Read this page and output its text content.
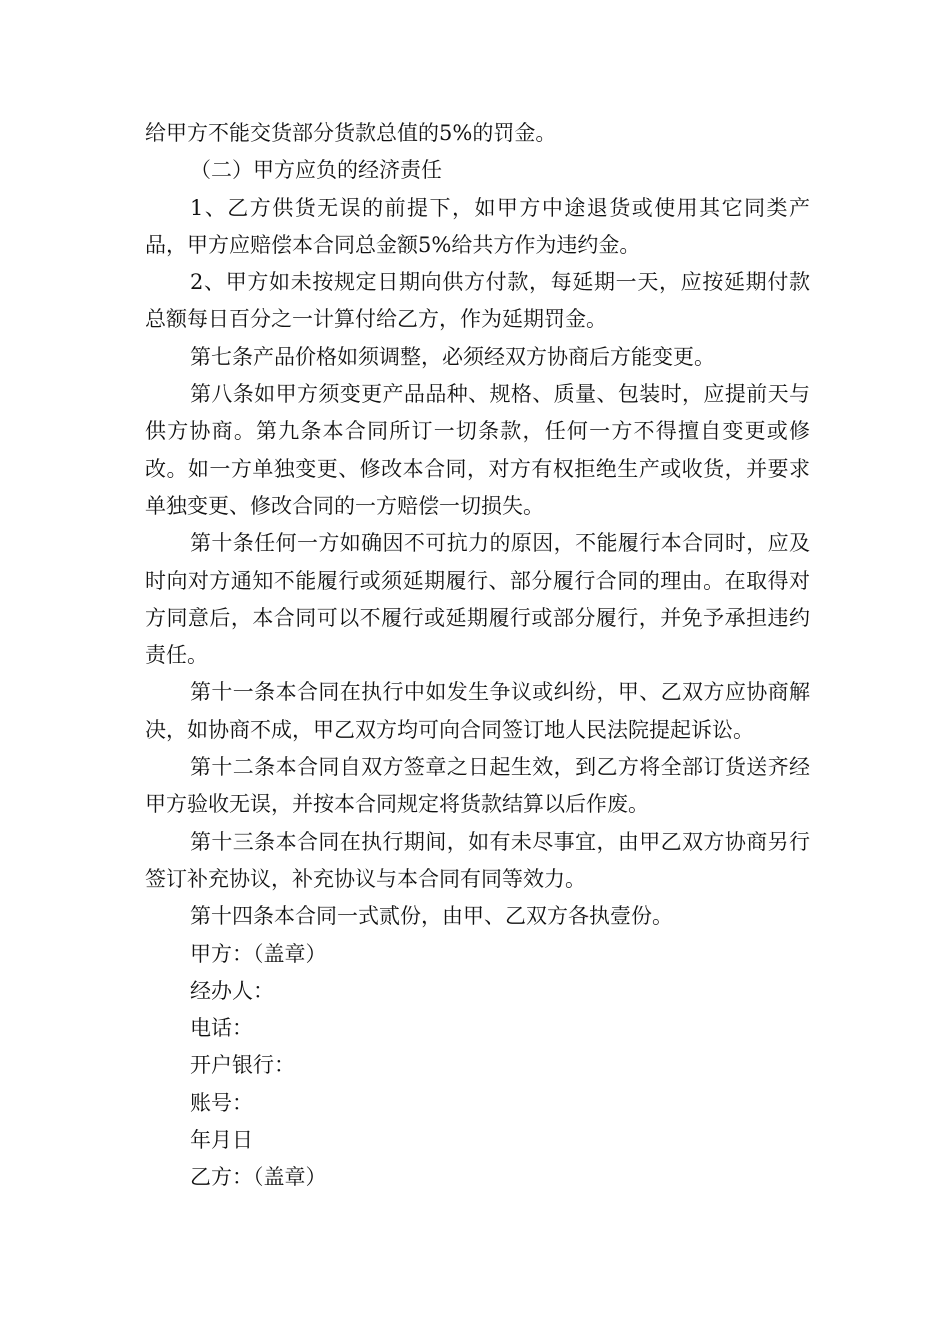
给甲方不能交货部分货款总值的5%的罚金。

（二）甲方应负的经济责任

1、乙方供货无误的前提下，如甲方中途退货或使用其它同类产品，甲方应赔偿本合同总金额5%给共方作为违约金。

2、甲方如未按规定日期向供方付款，每延期一天，应按延期付款总额每日百分之一计算付给乙方，作为延期罚金。

第七条产品价格如须调整，必须经双方协商后方能变更。

第八条如甲方须变更产品品种、规格、质量、包装时，应提前天与供方协商。第九条本合同所订一切条款，任何一方不得擅自变更或修改。如一方单独变更、修改本合同，对方有权拒绝生产或收货，并要求单独变更、修改合同的一方赔偿一切损失。

第十条任何一方如确因不可抗力的原因，不能履行本合同时，应及时向对方通知不能履行或须延期履行、部分履行合同的理由。在取得对方同意后，本合同可以不履行或延期履行或部分履行，并免予承担违约责任。

第十一条本合同在执行中如发生争议或纠纷，甲、乙双方应协商解决，如协商不成，甲乙双方均可向合同签订地人民法院提起诉讼。

第十二条本合同自双方签章之日起生效，到乙方将全部订货送齐经甲方验收无误，并按本合同规定将货款结算以后作废。

第十三条本合同在执行期间，如有未尽事宜，由甲乙双方协商另行签订补充协议，补充协议与本合同有同等效力。

第十四条本合同一式贰份，由甲、乙双方各执壹份。

甲方：（盖章）

经办人：

电话：

开户银行：

账号：

年月日

乙方：（盖章）
